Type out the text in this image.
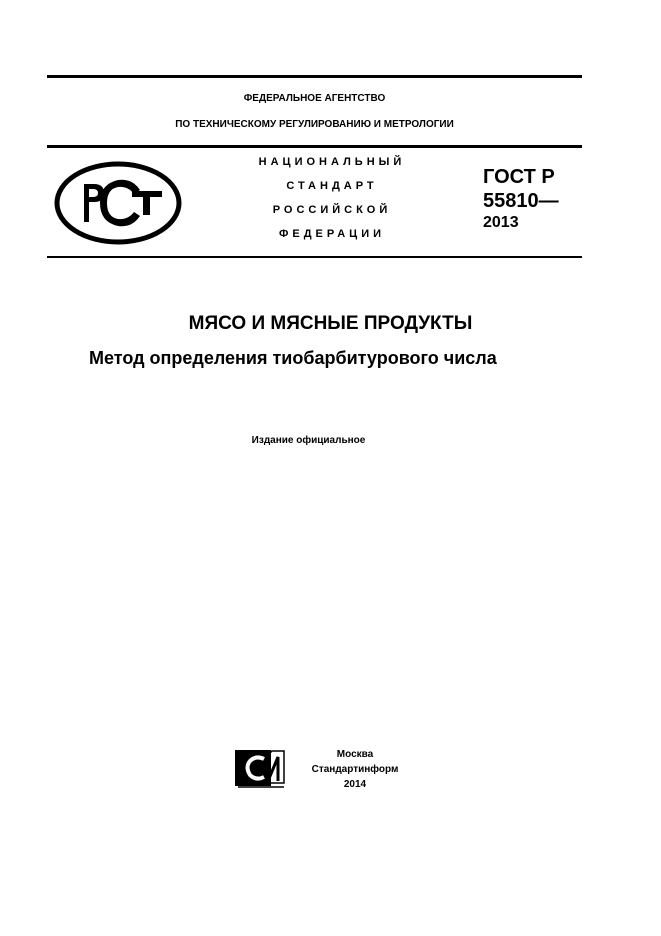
ФЕДЕРАЛЬНОЕ АГЕНТСТВО
ПО ТЕХНИЧЕСКОМУ РЕГУЛИРОВАНИЮ И МЕТРОЛОГИИ
НАЦИОНАЛЬНЫЙ
СТАНДАРТ
РОССИЙСКОЙ
ФЕДЕРАЦИИ
ГОСТ Р
55810—
2013
МЯСО И МЯСНЫЕ ПРОДУКТЫ
Метод определения тиобарбитурового числа
Издание официальное
Москва
Стандартинформ
2014
